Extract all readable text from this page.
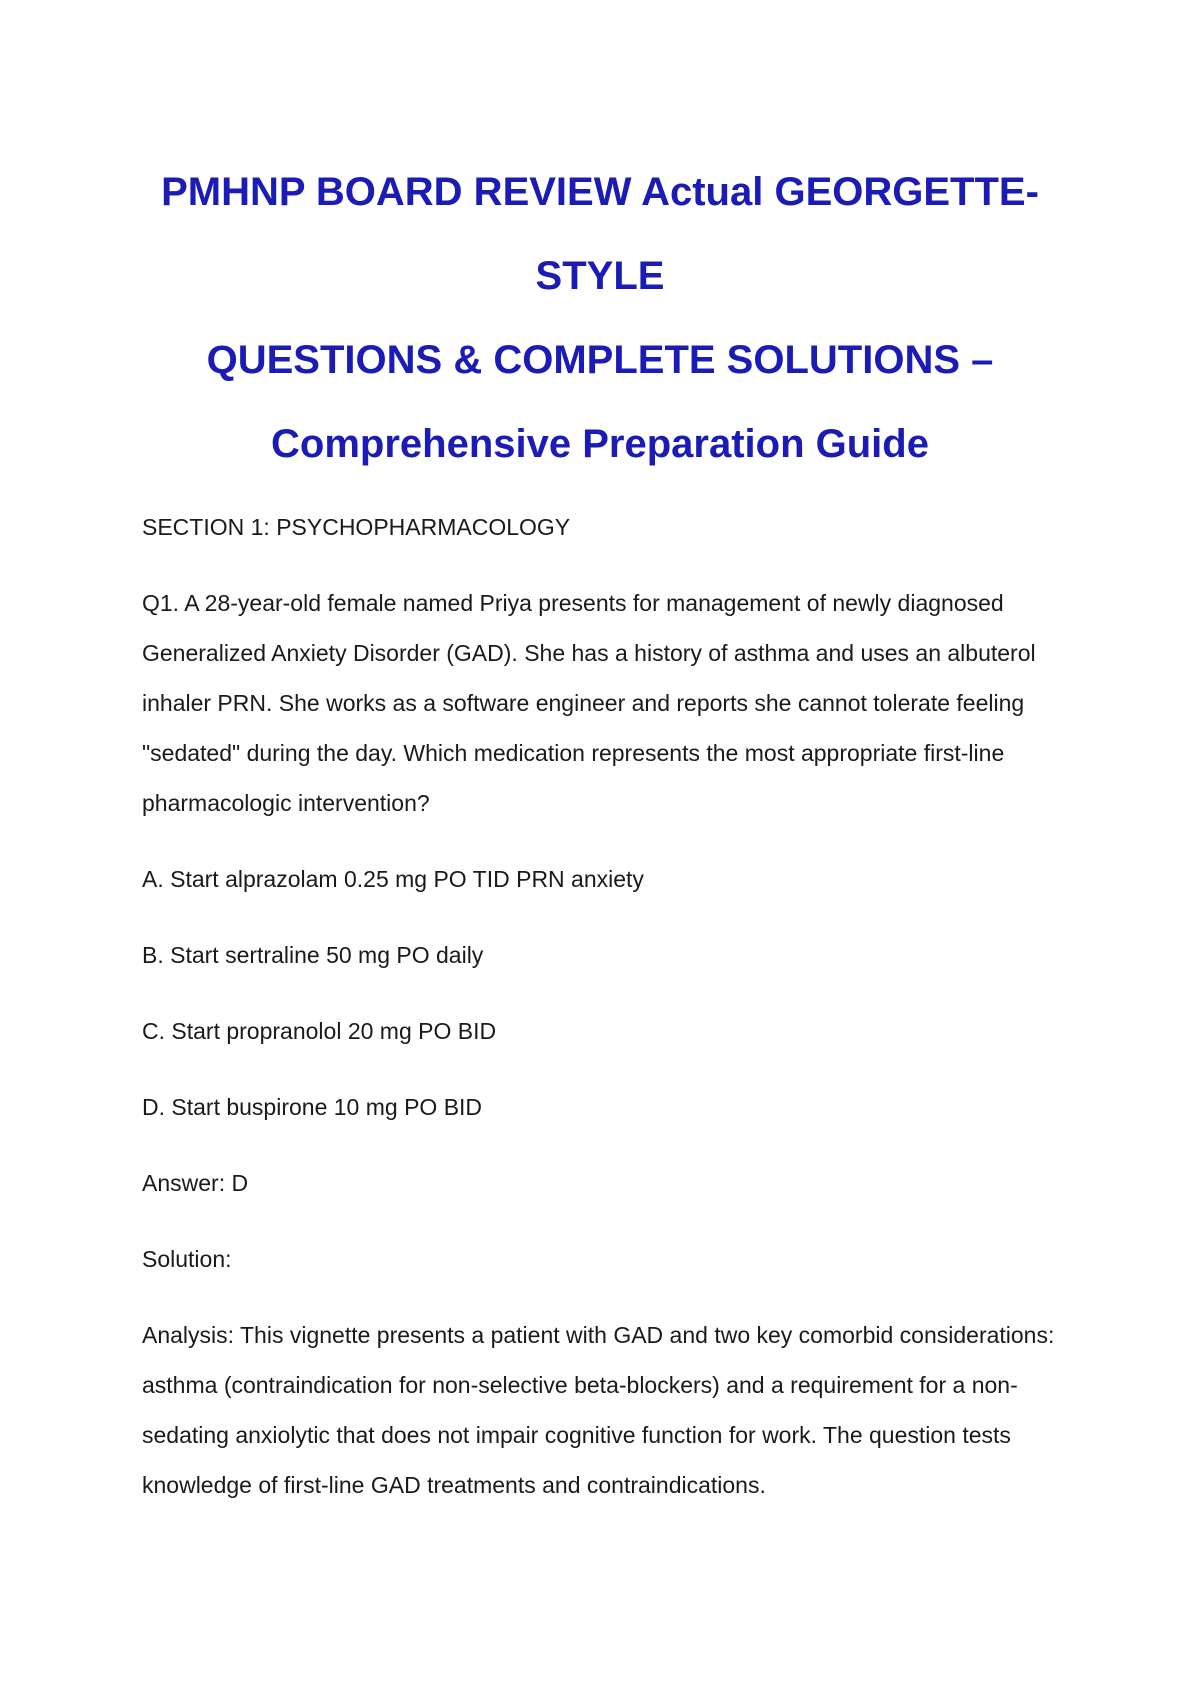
PMHNP BOARD REVIEW Actual GEORGETTE-STYLE
QUESTIONS & COMPLETE SOLUTIONS –
Comprehensive Preparation Guide
SECTION 1: PSYCHOPHARMACOLOGY

Q1. A 28-year-old female named Priya presents for management of newly diagnosed Generalized Anxiety Disorder (GAD). She has a history of asthma and uses an albuterol inhaler PRN. She works as a software engineer and reports she cannot tolerate feeling "sedated" during the day. Which medication represents the most appropriate first-line pharmacologic intervention?

A. Start alprazolam 0.25 mg PO TID PRN anxiety
B. Start sertraline 50 mg PO daily
C. Start propranolol 20 mg PO BID
D. Start buspirone 10 mg PO BID

Answer: D

Solution:

Analysis: This vignette presents a patient with GAD and two key comorbid considerations: asthma (contraindication for non-selective beta-blockers) and a requirement for a non-sedating anxiolytic that does not impair cognitive function for work. The question tests knowledge of first-line GAD treatments and contraindications.
